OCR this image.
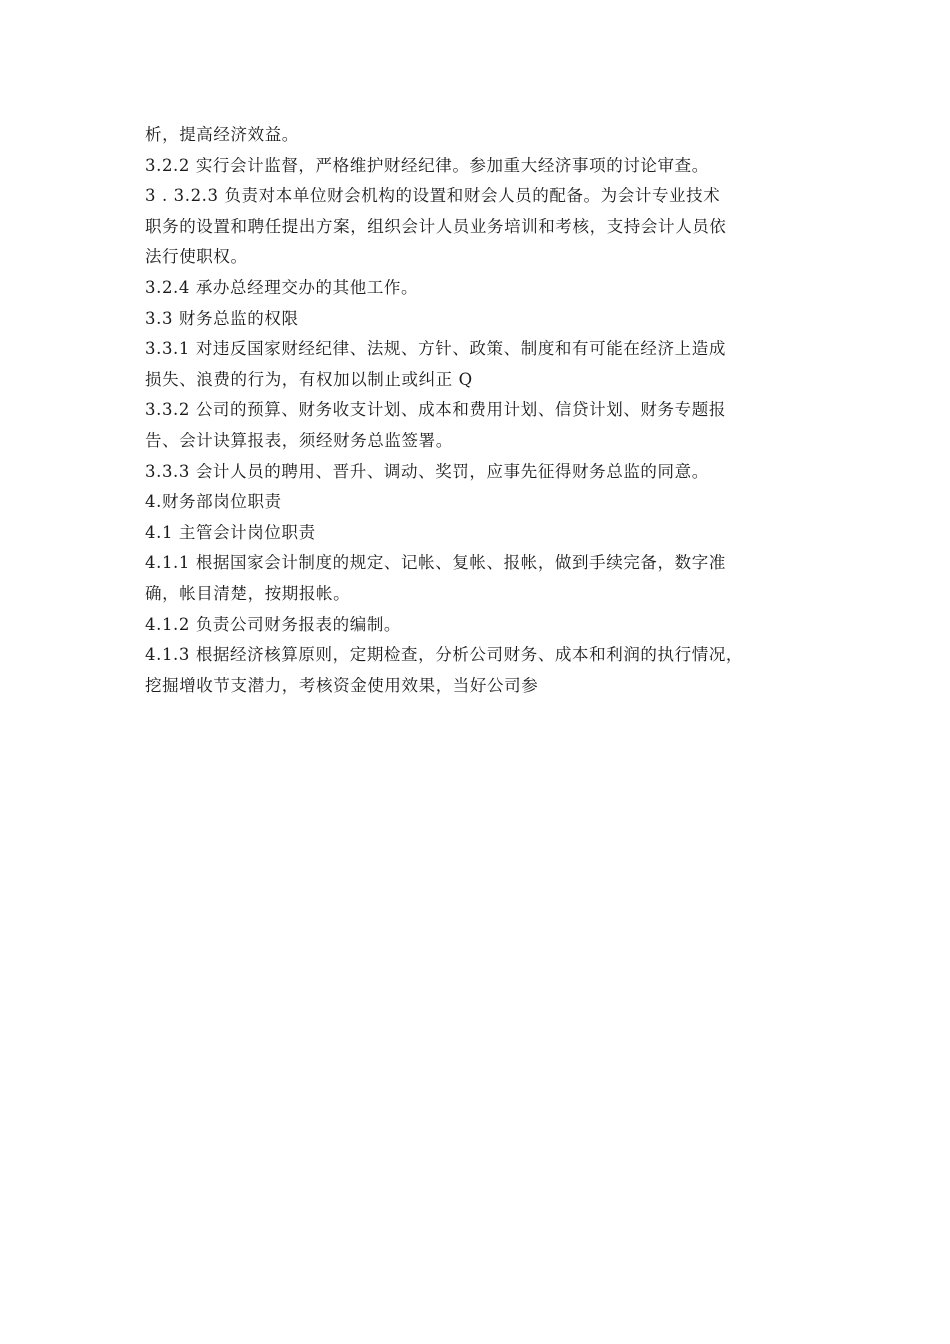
析，提高经济效益。
3.2.2 实行会计监督，严格维护财经纪律。参加重大经济事项的讨论审查。
3 . 3.2.3 负责对本单位财会机构的设置和财会人员的配备。为会计专业技术
职务的设置和聘任提出方案，组织会计人员业务培训和考核，支持会计人员依
法行使职权。
3.2.4 承办总经理交办的其他工作。
3.3 财务总监的权限
3.3.1 对违反国家财经纪律、法规、方针、政策、制度和有可能在经济上造成
损失、浪费的行为，有权加以制止或纠正 Q
3.3.2 公司的预算、财务收支计划、成本和费用计划、信贷计划、财务专题报
告、会计诀算报表，须经财务总监签署。
3.3.3 会计人员的聘用、晋升、调动、奖罚，应事先征得财务总监的同意。
4.财务部岗位职责
4.1 主管会计岗位职责
4.1.1 根据国家会计制度的规定、记帐、复帐、报帐，做到手续完备，数字准
确，帐目清楚，按期报帐。
4.1.2 负责公司财务报表的编制。
4.1.3 根据经济核算原则，定期检查，分析公司财务、成本和利润的执行情况，
挖掘增收节支潜力，考核资金使用效果，当好公司参
